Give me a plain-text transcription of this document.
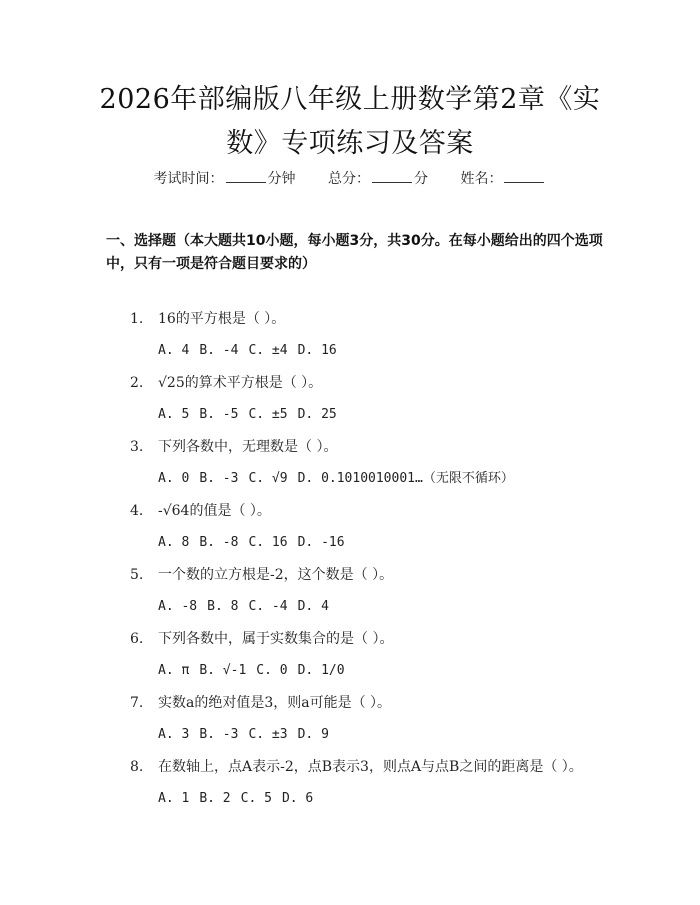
2026年部编版八年级上册数学第2章《实
数》专项练习及答案
考试时间：	分钟 总分：	分 姓名：
一、选择题（本大题共10小题，每小题3分，共30分。在每小题给出的四个选项中，只有一项是符合题目要求的）
1. 16的平方根是（ ）。
A. 4 B. -4 C. ±4 D. 16
2. √25的算术平方根是（ ）。
A. 5 B. -5 C. ±5 D. 25
3. 下列各数中，无理数是（ ）。
A. 0 B. -3 C. √9 D. 0.1010010001…（无限不循环）
4. -√64的值是（ ）。
A. 8 B. -8 C. 16 D. -16
5. 一个数的立方根是-2，这个数是（ ）。
A. -8 B. 8 C. -4 D. 4
6. 下列各数中，属于实数集合的是（ ）。
A. π B. √-1 C. 0 D. 1/0
7. 实数a的绝对值是3，则a可能是（ ）。
A. 3 B. -3 C. ±3 D. 9
8. 在数轴上，点A表示-2，点B表示3，则点A与点B之间的距离是（ ）。
A. 1 B. 2 C. 5 D. 6
